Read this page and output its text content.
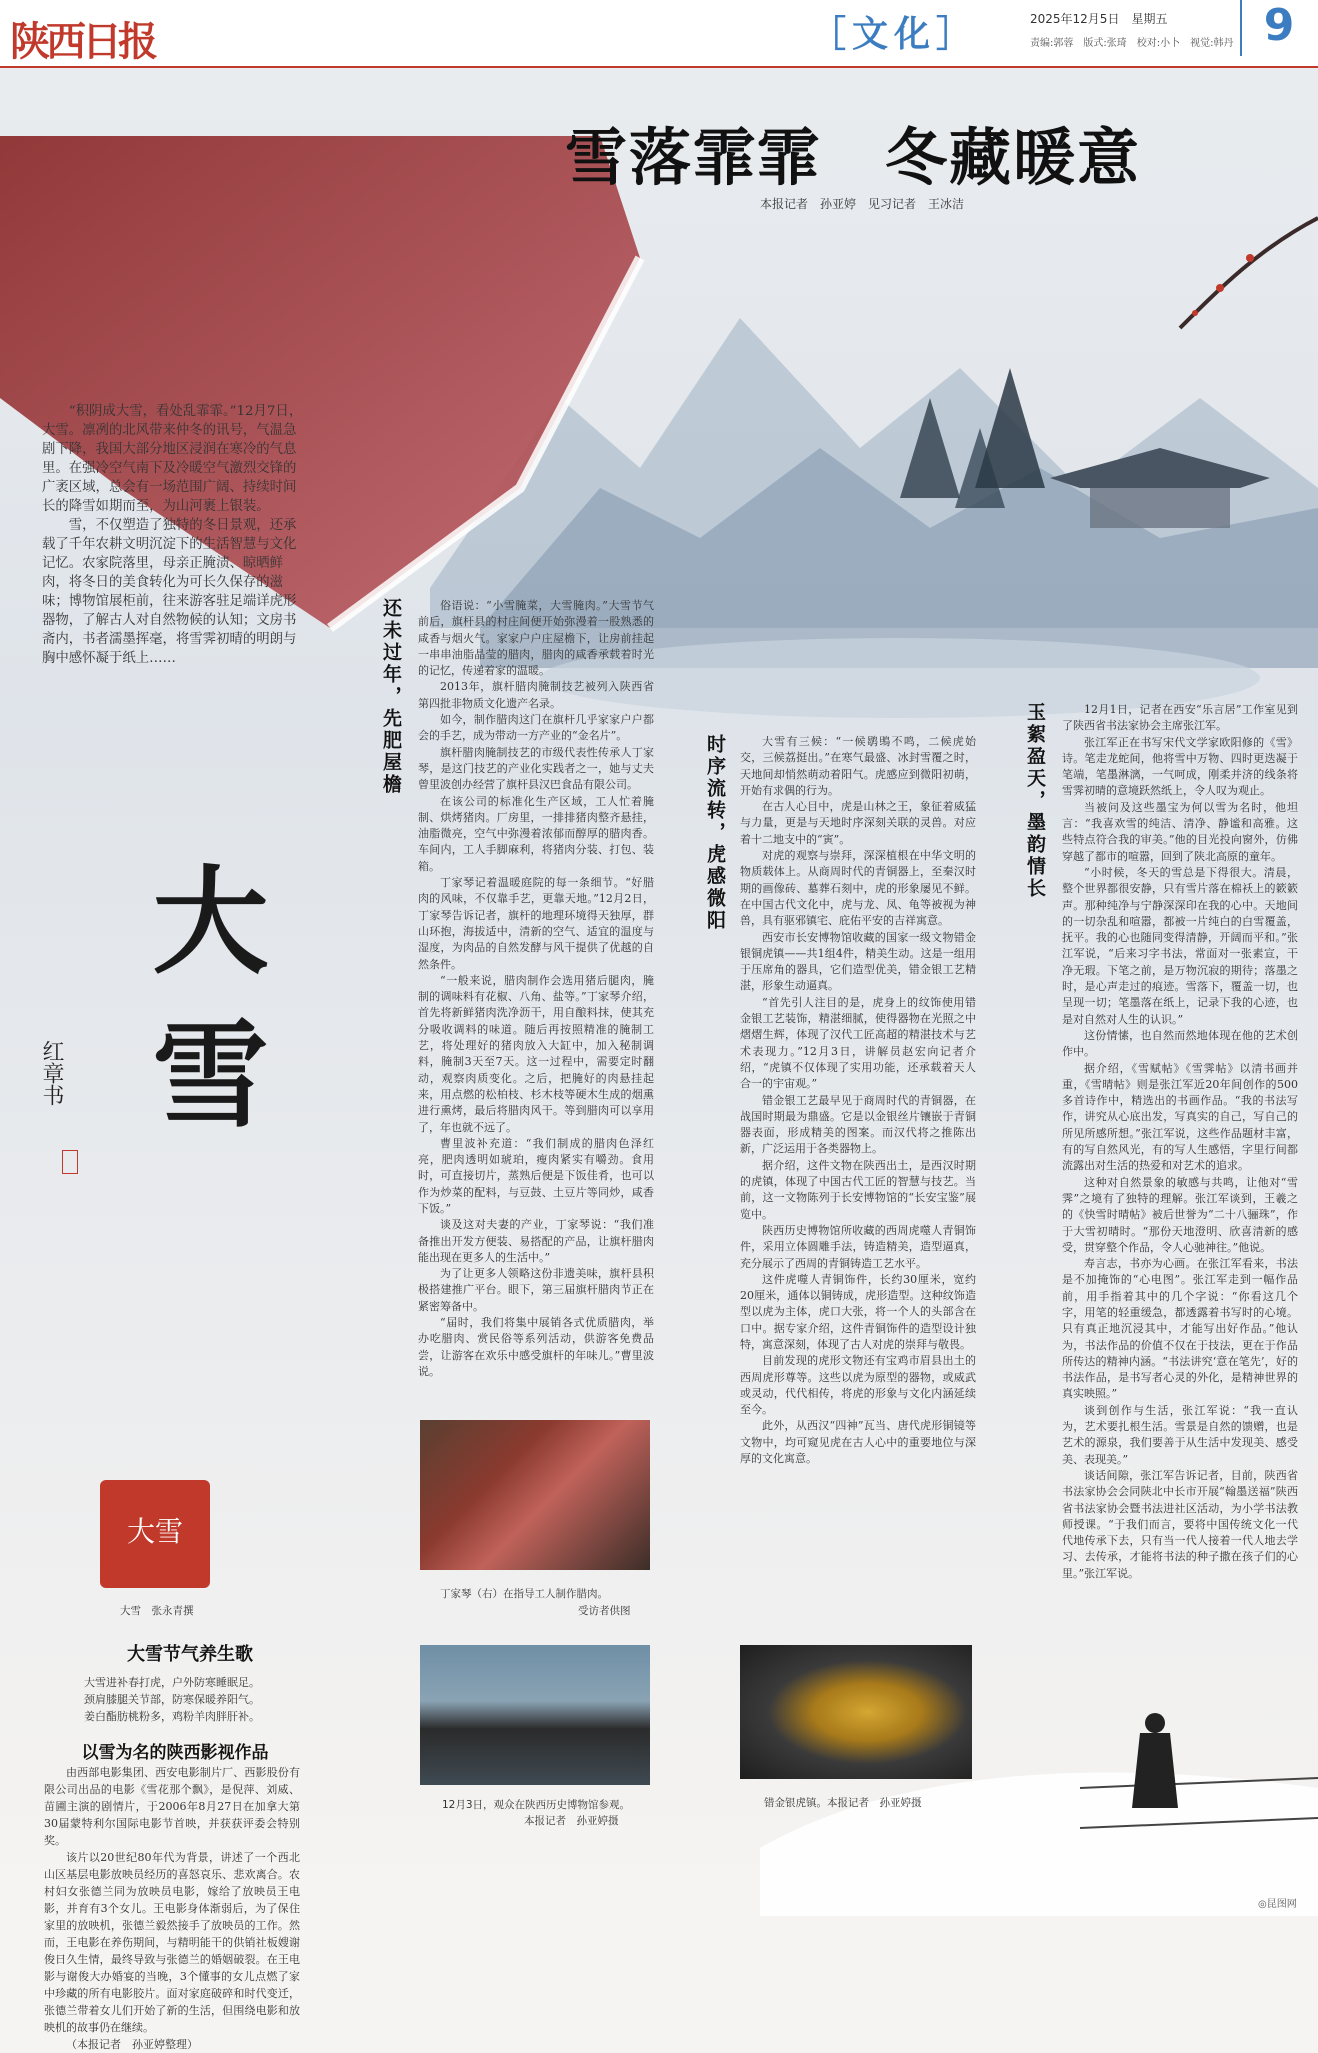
陕西日报	［文化］	2025年12月5日　星期五
责编:郭蓉　版式:张琦　校对:小卜　视觉:韩丹 9
雪落霏霏　冬藏暖意
本报记者　孙亚婷　见习记者　王冰洁

“积阴成大雪，看处乱霏霏。”12月7日，大雪。凛冽的北风带来仲冬的讯号，气温急剧下降，我国大部分地区浸润在寒冷的气息里。在强冷空气南下及冷暖空气激烈交锋的广袤区域，总会有一场范围广阔、持续时间长的降雪如期而至，为山河裹上银装。

雪，不仅塑造了独特的冬日景观，还承载了千年农耕文明沉淀下的生活智慧与文化记忆。农家院落里，母亲正腌渍、晾晒鲜肉，将冬日的美食转化为可长久保存的滋味；博物馆展柜前，往来游客驻足端详虎形器物，了解古人对自然物候的认知；文房书斋内，书者濡墨挥毫，将雪霁初晴的明朗与胸中感怀凝于纸上……

大雪
红章书
大雪
大雪　张永青撰
大雪节气养生歌
大雪进补春打虎，户外防寒睡眠足。
颈肩膝腿关节部，防寒保暖养阳气。
姜白酯肪桃粉多，鸡粉羊肉胖肝补。
以雪为名的陕西影视作品

由西部电影集团、西安电影制片厂、西影股份有限公司出品的电影《雪花那个飘》，是倪萍、刘威、苗圃主演的剧情片，于2006年8月27日在加拿大第30届蒙特利尔国际电影节首映，并获获评委会特别奖。

该片以20世纪80年代为背景，讲述了一个西北山区基层电影放映员经历的喜怒哀乐、悲欢离合。农村妇女张德兰同为放映员电影，嫁给了放映员王电影，并育有3个女儿。王电影身体渐弱后，为了保住家里的放映机，张德兰毅然接手了放映员的工作。然而，王电影在养伤期间，与精明能干的供销社板嫂谢俊日久生情，最终导致与张德兰的婚姻破裂。在王电影与谢俊大办婚宴的当晚，3个懂事的女儿点燃了家中珍藏的所有电影胶片。面对家庭破碎和时代变迁，张德兰带着女儿们开始了新的生活，但围绕电影和放映机的故事仍在继续。

（本报记者　孙亚婷整理）

还未过年，先肥屋檐	俗语说：“小雪腌菜，大雪腌肉。”大雪节气前后，旗杆县的村庄间便开始弥漫着一股熟悉的咸香与烟火气。家家户户庄屋檐下，让房前挂起一串串油脂晶莹的腊肉，腊肉的咸香承载着时光的记忆，传递着家的温暖。

2013年，旗杆腊肉腌制技艺被列入陕西省第四批非物质文化遗产名录。

如今，制作腊肉这门在旗杆几乎家家户户都会的手艺，成为带动一方产业的“金名片”。

旗杆腊肉腌制技艺的市级代表性传承人丁家琴，是这门技艺的产业化实践者之一，她与丈夫曾里波创办经营了旗杆县汉巴食品有限公司。

在该公司的标准化生产区域，工人忙着腌制、烘烤猪肉。厂房里，一排排猪肉整齐悬挂，油脂微亮，空气中弥漫着浓郁而醇厚的腊肉香。车间内，工人手脚麻利，将猪肉分装、打包、装箱。

丁家琴记着温暖庭院的每一条细节。“好腊肉的风味，不仅靠手艺，更靠天地。”12月2日，丁家琴告诉记者，旗杆的地理环境得天独厚，群山环抱，海拔适中，清新的空气、适宜的温度与湿度，为肉品的自然发酵与风干提供了优越的自然条件。

“一般来说，腊肉制作会选用猪后腿肉，腌制的调味料有花椒、八角、盐等。”丁家琴介绍，首先将新鲜猪肉洗净沥干，用自酿料抹，使其充分吸收调料的味道。随后再按照精准的腌制工艺，将处理好的猪肉放入大缸中，加入秘制调料，腌制3天至7天。这一过程中，需要定时翻动，观察肉质变化。之后，把腌好的肉悬挂起来，用点燃的松柏枝、杉木枝等硬木生成的烟熏进行熏烤，最后将腊肉风干。等到腊肉可以享用了，年也就不远了。

曹里波补充道：“我们制成的腊肉色泽红亮，肥肉透明如琥珀，瘦肉紧实有嚼劲。食用时，可直接切片，蒸熟后便是下饭佳肴，也可以作为炒菜的配料，与豆鼓、土豆片等同炒，咸香下饭。”

谈及这对夫妻的产业，丁家琴说：“我们准备推出开发方便装、易搭配的产品，让旗杆腊肉能出现在更多人的生活中。”

为了让更多人领略这份非遗美味，旗杆县积极搭建推广平台。眼下，第三届旗杆腊肉节正在紧密筹备中。

“届时，我们将集中展销各式优质腊肉，举办吃腊肉、赏民俗等系列活动，供游客免费品尝，让游客在欢乐中感受旗杆的年味儿。”曹里波说。

丁家琴（右）在指导工人制作腊肉。
受访者供图
12月3日，观众在陕西历史博物馆参观。
本报记者　孙亚婷摄
时序流转，虎感微阳	大雪有三候：“一候鹖鴠不鸣，二候虎始交，三候荔挺出。”在寒气最盛、冰封雪覆之时，天地间却悄然萌动着阳气。虎感应到微阳初萌，开始有求偶的行为。

在古人心目中，虎是山林之王，象征着威猛与力量，更是与天地时序深刻关联的灵兽。对应着十二地支中的“寅”。

对虎的观察与崇拜，深深植根在中华文明的物质载体上。从商周时代的青铜器上，至秦汉时期的画像砖、墓葬石刻中，虎的形象屡见不鲜。在中国古代文化中，虎与龙、凤、龟等被视为神兽，具有驱邪镇宅、庇佑平安的吉祥寓意。

西安市长安博物馆收藏的国家一级文物错金银铜虎镇——共1组4件，精美生动。这是一组用于压席角的器具，它们造型优美，错金银工艺精湛，形象生动逼真。

“首先引人注目的是，虎身上的纹饰使用错金银工艺装饰，精湛细腻，使得器物在光照之中熠熠生辉，体现了汉代工匠高超的精湛技术与艺术表现力。”12月3日，讲解员赵宏向记者介绍，“虎镇不仅体现了实用功能，还承载着天人合一的宇宙观。”

错金银工艺最早见于商周时代的青铜器，在战国时期最为鼎盛。它是以金银丝片镶嵌于青铜器表面，形成精美的图案。而汉代将之推陈出新，广泛运用于各类器物上。

据介绍，这件文物在陕西出土，是西汉时期的虎镇，体现了中国古代工匠的智慧与技艺。当前，这一文物陈列于长安博物馆的“长安宝鉴”展览中。

陕西历史博物馆所收藏的西周虎噬人青铜饰件，采用立体圆雕手法，铸造精美，造型逼真，充分展示了西周的青铜铸造工艺水平。

这件虎噬人青铜饰件，长约30厘米，宽约20厘米，通体以铜铸成，虎形造型。这种纹饰造型以虎为主体，虎口大张，将一个人的头部含在口中。据专家介绍，这件青铜饰件的造型设计独特，寓意深刻，体现了古人对虎的崇拜与敬畏。

目前发现的虎形文物还有宝鸡市眉县出土的西周虎形尊等。这些以虎为原型的器物，或威武或灵动，代代相传，将虎的形象与文化内涵延续至今。

此外，从西汉“四神”瓦当、唐代虎形铜镜等文物中，均可窥见虎在古人心中的重要地位与深厚的文化寓意。

错金银虎镇。本报记者　孙亚婷摄
玉絮盈天，墨韵情长	12月1日，记者在西安“乐言居”工作室见到了陕西省书法家协会主席张江军。

张江军正在书写宋代文学家欧阳修的《雪》诗。笔走龙蛇间，他将雪中万物、四时更迭凝于笔端，笔墨淋漓，一气呵成，刚柔并济的线条将雪霁初晴的意境跃然纸上，令人叹为观止。

当被问及这些墨宝为何以雪为名时，他坦言：“我喜欢雪的纯洁、清净、静谧和高雅。这些特点符合我的审美。”他的目光投向窗外，仿佛穿越了都市的喧嚣，回到了陕北高原的童年。

“小时候，冬天的雪总是下得很大。清晨，整个世界都很安静，只有雪片落在棉袄上的簌簌声。那种纯净与宁静深深印在我的心中。天地间的一切杂乱和喧嚣，都被一片纯白的白雪覆盖，抚平。我的心也随同变得清静，开阔而平和。”张江军说，“后来习字书法，常面对一张素宣，干净无瑕。下笔之前，是万物沉寂的期待；落墨之时，是心声走过的痕迹。雪落下，覆盖一切，也呈现一切；笔墨落在纸上，记录下我的心迹，也是对自然对人生的认识。”

这份情愫，也自然而然地体现在他的艺术创作中。

据介绍，《雪赋帖》《雪霁帖》以清书画并重，《雪晴帖》则是张江军近20年间创作的500多首诗作中，精选出的书画作品。“我的书法写作，讲究从心底出发，写真实的自己，写自己的所见所感所想。”张江军说，这些作品题材丰富，有的写自然风光，有的写人生感悟，字里行间都流露出对生活的热爱和对艺术的追求。

这种对自然景象的敏感与共鸣，让他对“雪霁”之境有了独特的理解。张江军谈到，王羲之的《快雪时晴帖》被后世誉为“二十八骊珠”，作于大雪初晴时。“那份天地澄明、欣喜清新的感受，贯穿整个作品，令人心驰神往。”他说。

寿言志，书亦为心画。在张江军看来，书法是不加掩饰的“心电图”。张江军走到一幅作品前，用手指着其中的几个字说：“你看这几个字，用笔的轻重缓急，都透露着书写时的心境。只有真正地沉浸其中，才能写出好作品。”他认为，书法作品的价值不仅在于技法，更在于作品所传达的精神内涵。“书法讲究‘意在笔先’，好的书法作品，是书写者心灵的外化，是精神世界的真实映照。”

谈到创作与生活，张江军说：“我一直认为，艺术要扎根生活。雪景是自然的馈赠，也是艺术的源泉，我们要善于从生活中发现美、感受美、表现美。”

谈话间隙，张江军告诉记者，目前，陕西省书法家协会会同陕北中长市开展“翰墨送福”陕西省书法家协会暨书法进社区活动，为小学书法教师授课。“于我们而言，要将中国传统文化一代代地传承下去，只有当一代人接着一代人地去学习、去传承，才能将书法的种子撒在孩子们的心里。”张江军说。

◎昆图网
